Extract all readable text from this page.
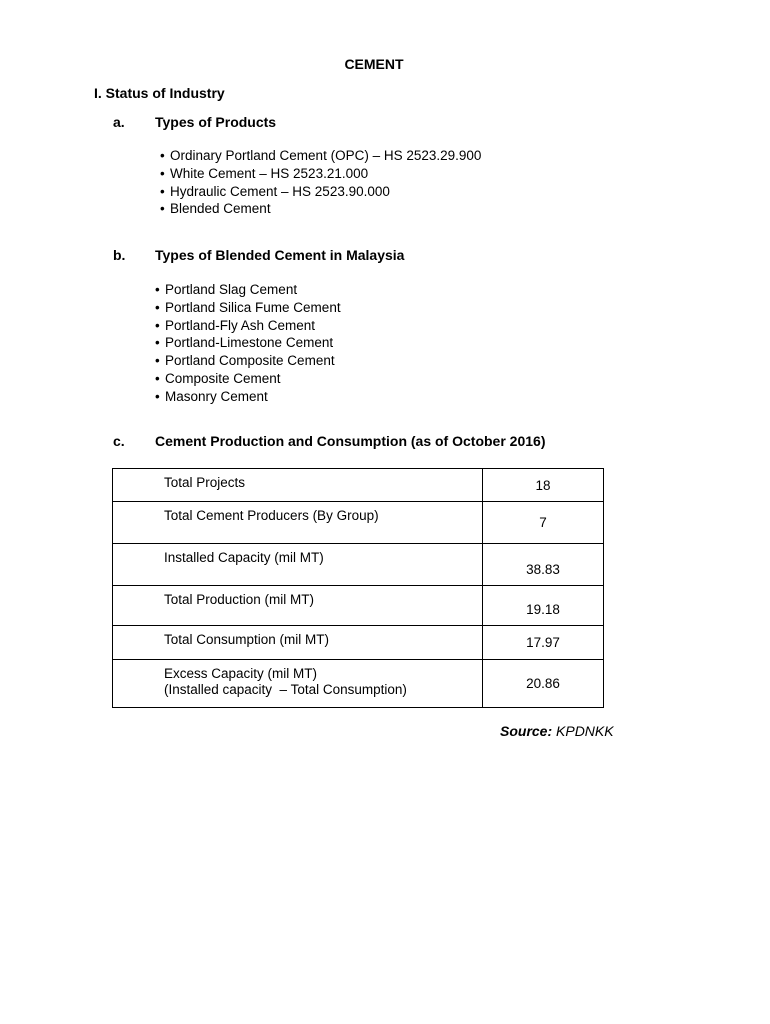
CEMENT
I. Status of Industry
a. Types of Products
• Ordinary Portland Cement (OPC) – HS 2523.29.900
• White Cement – HS 2523.21.000
• Hydraulic Cement – HS 2523.90.000
• Blended Cement
b. Types of Blended Cement in Malaysia
• Portland Slag Cement
• Portland Silica Fume Cement
• Portland-Fly Ash Cement
• Portland-Limestone Cement
• Portland Composite Cement
• Composite Cement
• Masonry Cement
c. Cement Production and Consumption (as of October 2016)
Total Projects	18
Total Cement Producers (By Group)	7
Installed Capacity (mil MT)	38.83
Total Production (mil MT)	19.18
Total Consumption (mil MT)	17.97

Excess Capacity (mil MT)
(Installed capacity  – Total Consumption)	20.86
Source: KPDNKK
